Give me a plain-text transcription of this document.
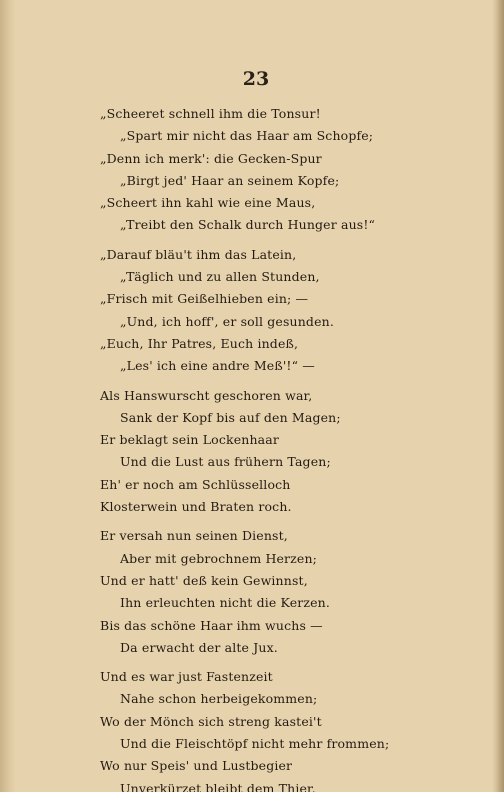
23
„Scheeret schnell ihm die Tonsur!
„Spart mir nicht das Haar am Schopfe;
„Denn ich merk': die Gecken-Spur
„Birgt jed' Haar an seinem Kopfe;
„Scheert ihn kahl wie eine Maus,
„Treibt den Schalk durch Hunger aus!“
„Darauf bläu't ihm das Latein,
„Täglich und zu allen Stunden,
„Frisch mit Geißelhieben ein; —
„Und, ich hoff', er soll gesunden.
„Euch, Ihr Patres, Euch indeß,
„Les' ich eine andre Meß'!“ —
Als Hanswurscht geschoren war,
Sank der Kopf bis auf den Magen;
Er beklagt sein Lockenhaar
Und die Lust aus frühern Tagen;
Eh' er noch am Schlüsselloch
Klosterwein und Braten roch.
Er versah nun seinen Dienst,
Aber mit gebrochnem Herzen;
Und er hatt' deß kein Gewinnst,
Ihn erleuchten nicht die Kerzen.
Bis das schöne Haar ihm wuchs —
Da erwacht der alte Jux.
Und es war just Fastenzeit
Nahe schon herbeigekommen;
Wo der Mönch sich streng kastei't
Und die Fleischtöpf nicht mehr frommen;
Wo nur Speis' und Lustbegier
Unverkürzet bleibt dem Thier.
